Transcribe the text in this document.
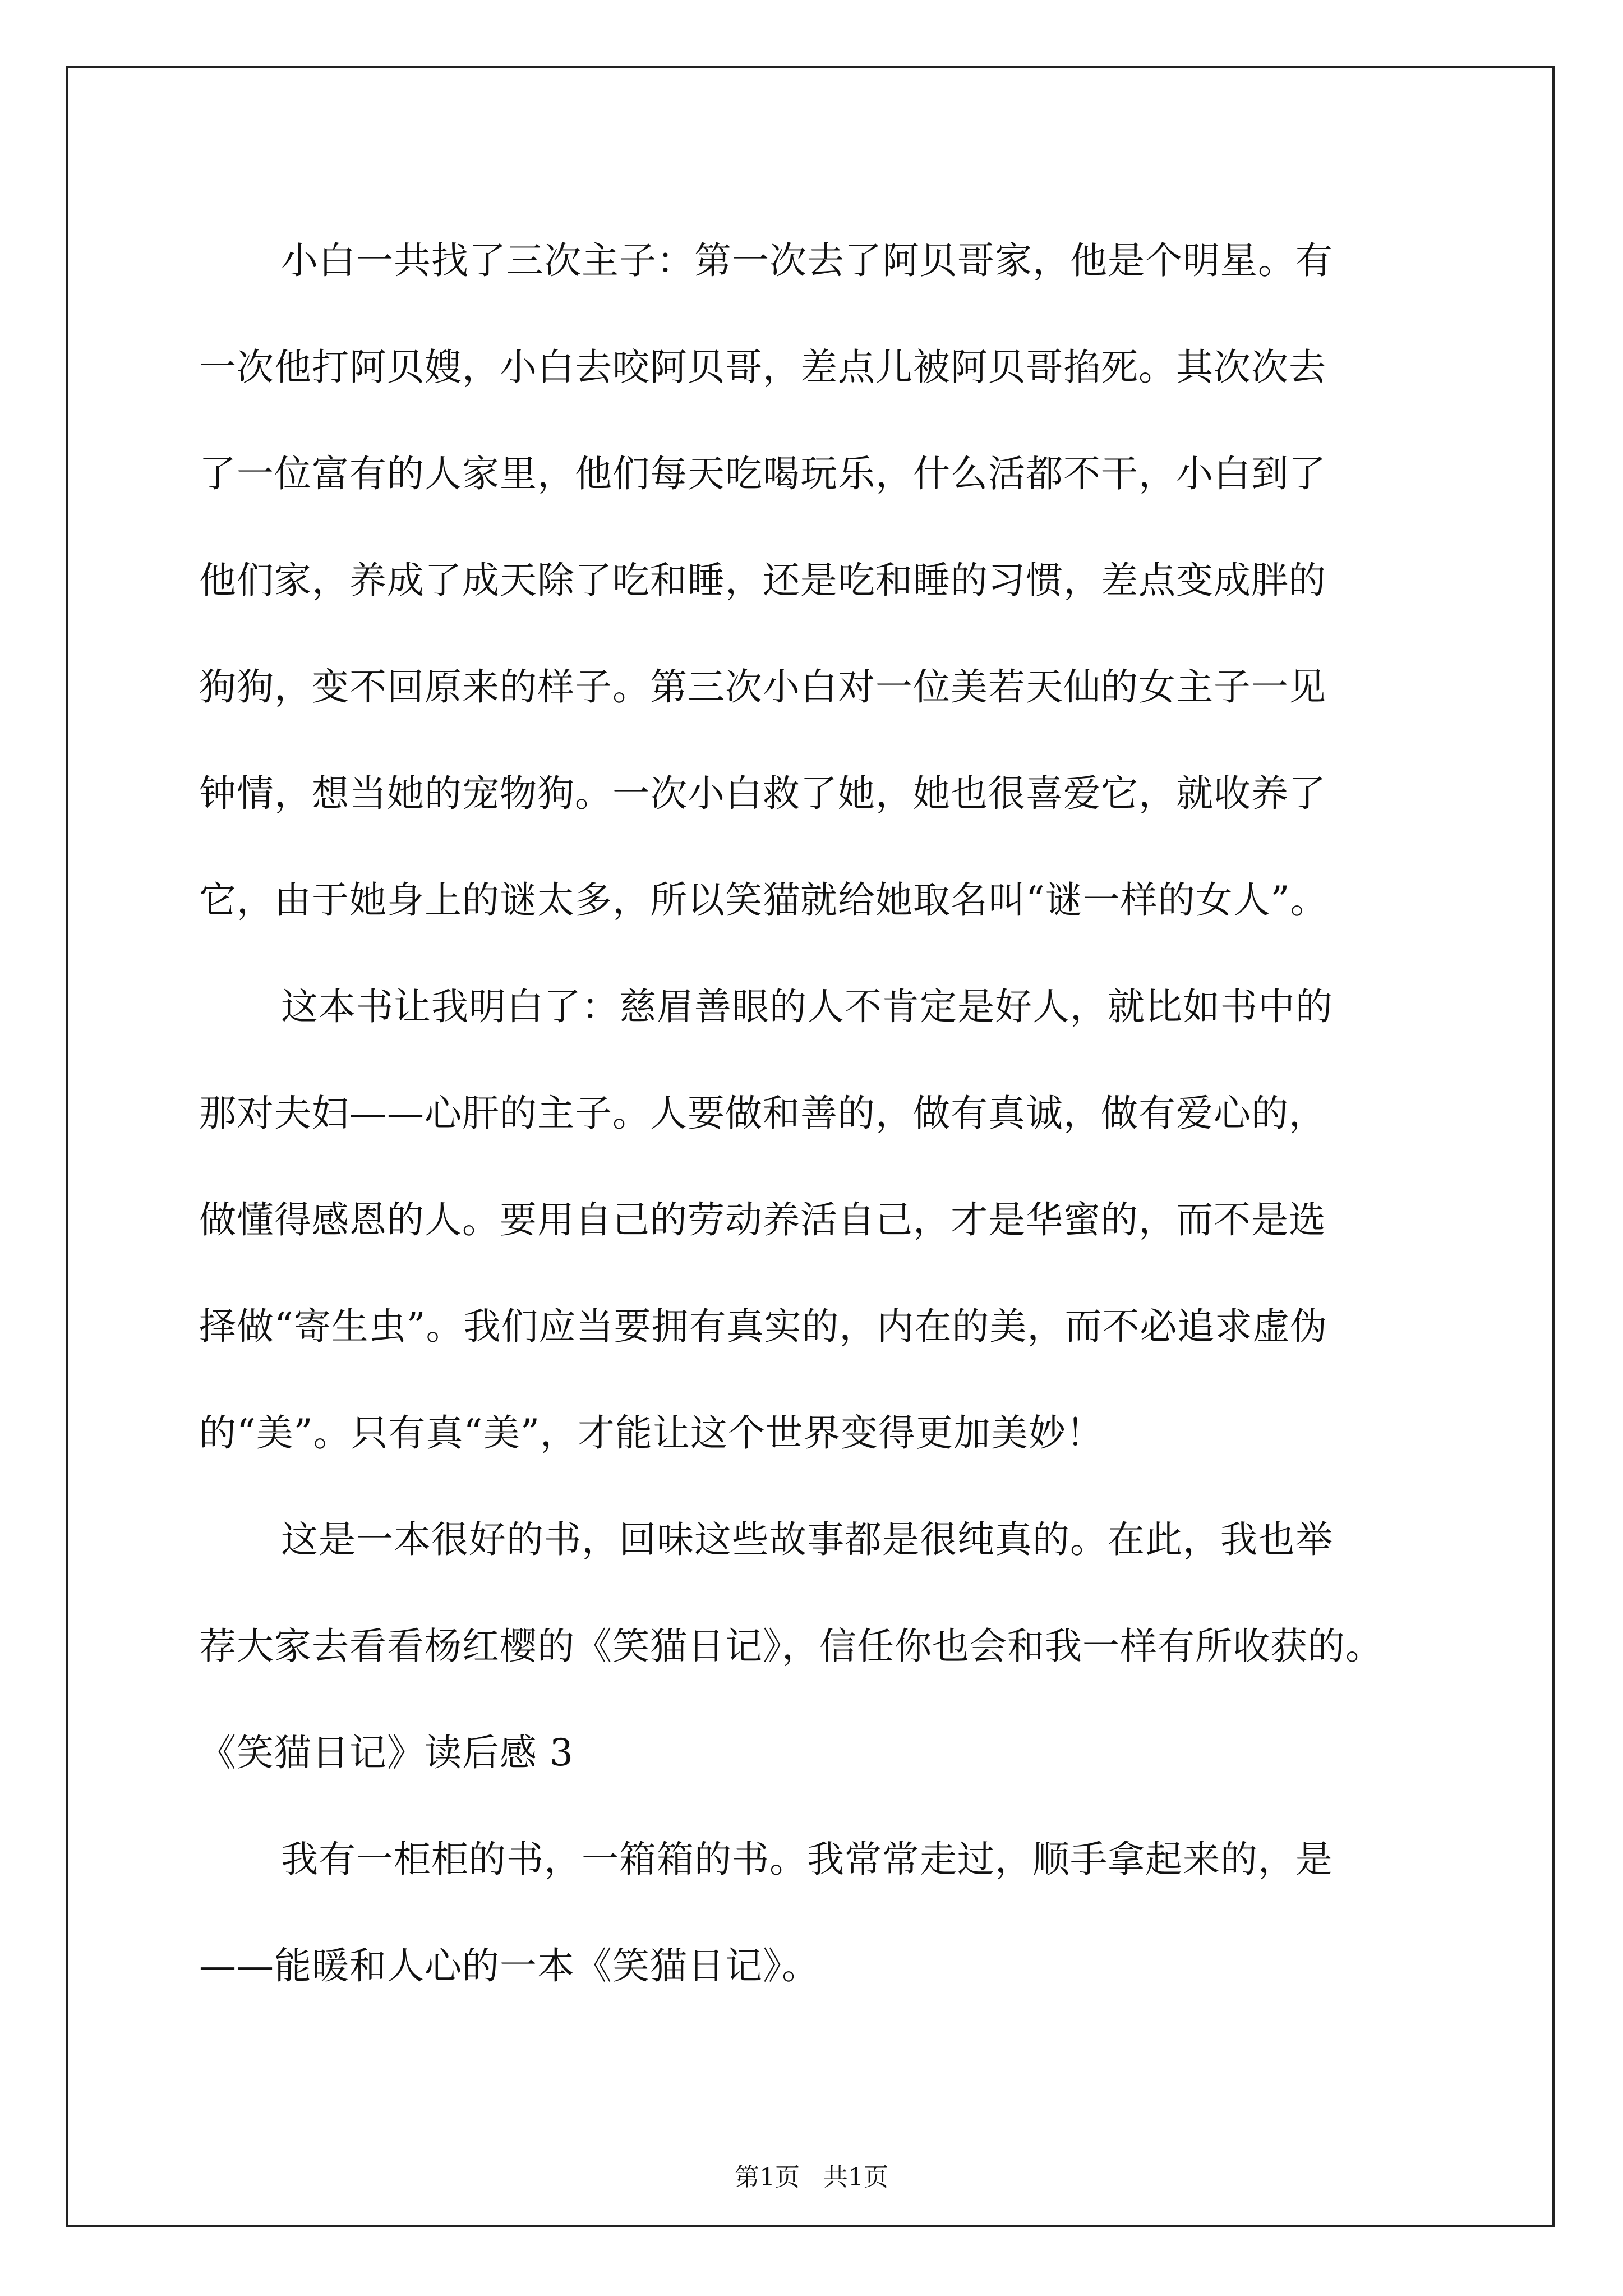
小白一共找了三次主子：第一次去了阿贝哥家，他是个明星。有
一次他打阿贝嫂，小白去咬阿贝哥，差点儿被阿贝哥掐死。其次次去
了一位富有的人家里，他们每天吃喝玩乐，什么活都不干，小白到了
他们家，养成了成天除了吃和睡，还是吃和睡的习惯，差点变成胖的
狗狗，变不回原来的样子。第三次小白对一位美若天仙的女主子一见
钟情，想当她的宠物狗。一次小白救了她，她也很喜爱它，就收养了
它，由于她身上的谜太多，所以笑猫就给她取名叫“谜一样的女人”。
这本书让我明白了：慈眉善眼的人不肯定是好人，就比如书中的
那对夫妇——心肝的主子。人要做和善的，做有真诚，做有爱心的，
做懂得感恩的人。要用自己的劳动养活自己，才是华蜜的，而不是选
择做“寄生虫”。我们应当要拥有真实的，内在的美，而不必追求虚伪
的“美”。只有真“美”，才能让这个世界变得更加美妙！
这是一本很好的书，回味这些故事都是很纯真的。在此，我也举
荐大家去看看杨红樱的《笑猫日记》，信任你也会和我一样有所收获的。
《笑猫日记》读后感 3
我有一柜柜的书，一箱箱的书。我常常走过，顺手拿起来的，是
——能暖和人心的一本《笑猫日记》。
第1页   共1页
